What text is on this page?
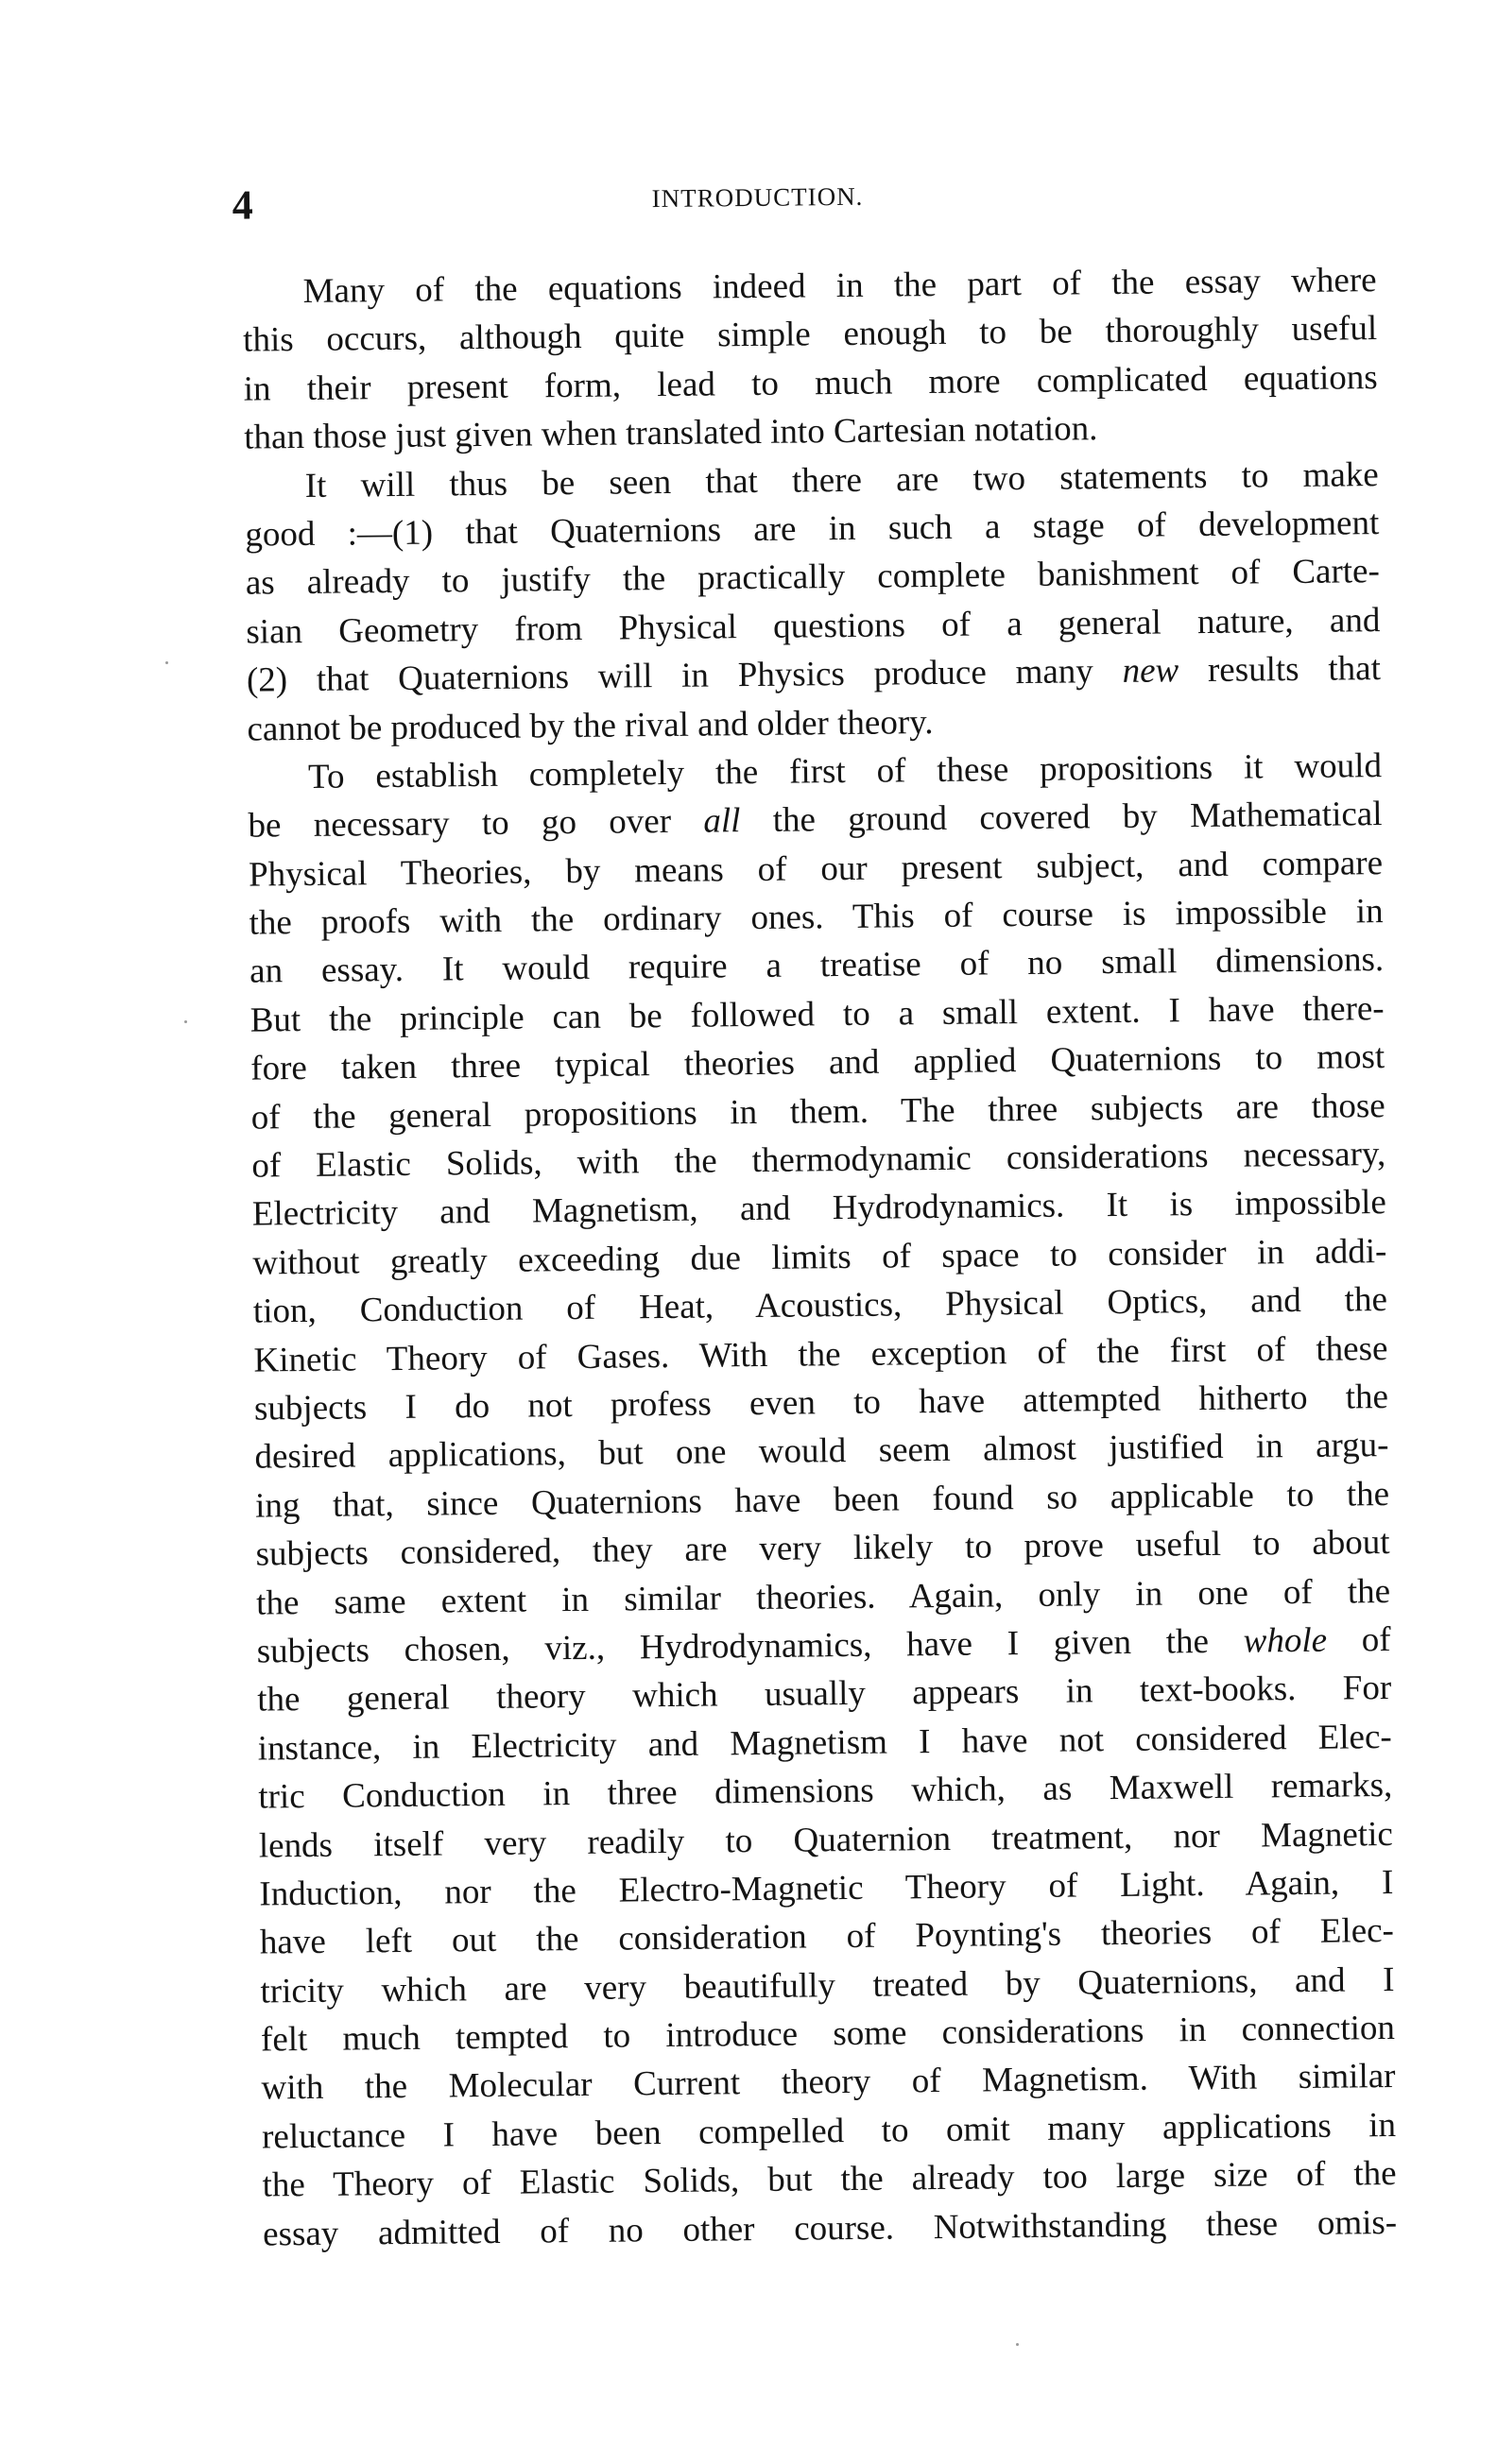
4	INTRODUCTION.
Many of the equations indeed in the part of the essay where
this occurs, although quite simple enough to be thoroughly useful
in their present form, lead to much more complicated equations
than those just given when translated into Cartesian notation.
It will thus be seen that there are two statements to make
good :—(1) that Quaternions are in such a stage of development
as already to justify the practically complete banishment of Carte-
sian Geometry from Physical questions of a general nature, and
(2) that Quaternions will in Physics produce many new results that
cannot be produced by the rival and older theory.
To establish completely the first of these propositions it would
be necessary to go over all the ground covered by Mathematical
Physical Theories, by means of our present subject, and compare
the proofs with the ordinary ones. This of course is impossible in
an essay. It would require a treatise of no small dimensions.
But the principle can be followed to a small extent. I have there-
fore taken three typical theories and applied Quaternions to most
of the general propositions in them. The three subjects are those
of Elastic Solids, with the thermodynamic considerations necessary,
Electricity and Magnetism, and Hydrodynamics. It is impossible
without greatly exceeding due limits of space to consider in addi-
tion, Conduction of Heat, Acoustics, Physical Optics, and the
Kinetic Theory of Gases. With the exception of the first of these
subjects I do not profess even to have attempted hitherto the
desired applications, but one would seem almost justified in argu-
ing that, since Quaternions have been found so applicable to the
subjects considered, they are very likely to prove useful to about
the same extent in similar theories. Again, only in one of the
subjects chosen, viz., Hydrodynamics, have I given the whole of
the general theory which usually appears in text-books. For
instance, in Electricity and Magnetism I have not considered Elec-
tric Conduction in three dimensions which, as Maxwell remarks,
lends itself very readily to Quaternion treatment, nor Magnetic
Induction, nor the Electro-Magnetic Theory of Light. Again, I
have left out the consideration of Poynting's theories of Elec-
tricity which are very beautifully treated by Quaternions, and I
felt much tempted to introduce some considerations in connection
with the Molecular Current theory of Magnetism. With similar
reluctance I have been compelled to omit many applications in
the Theory of Elastic Solids, but the already too large size of the
essay admitted of no other course. Notwithstanding these omis-
